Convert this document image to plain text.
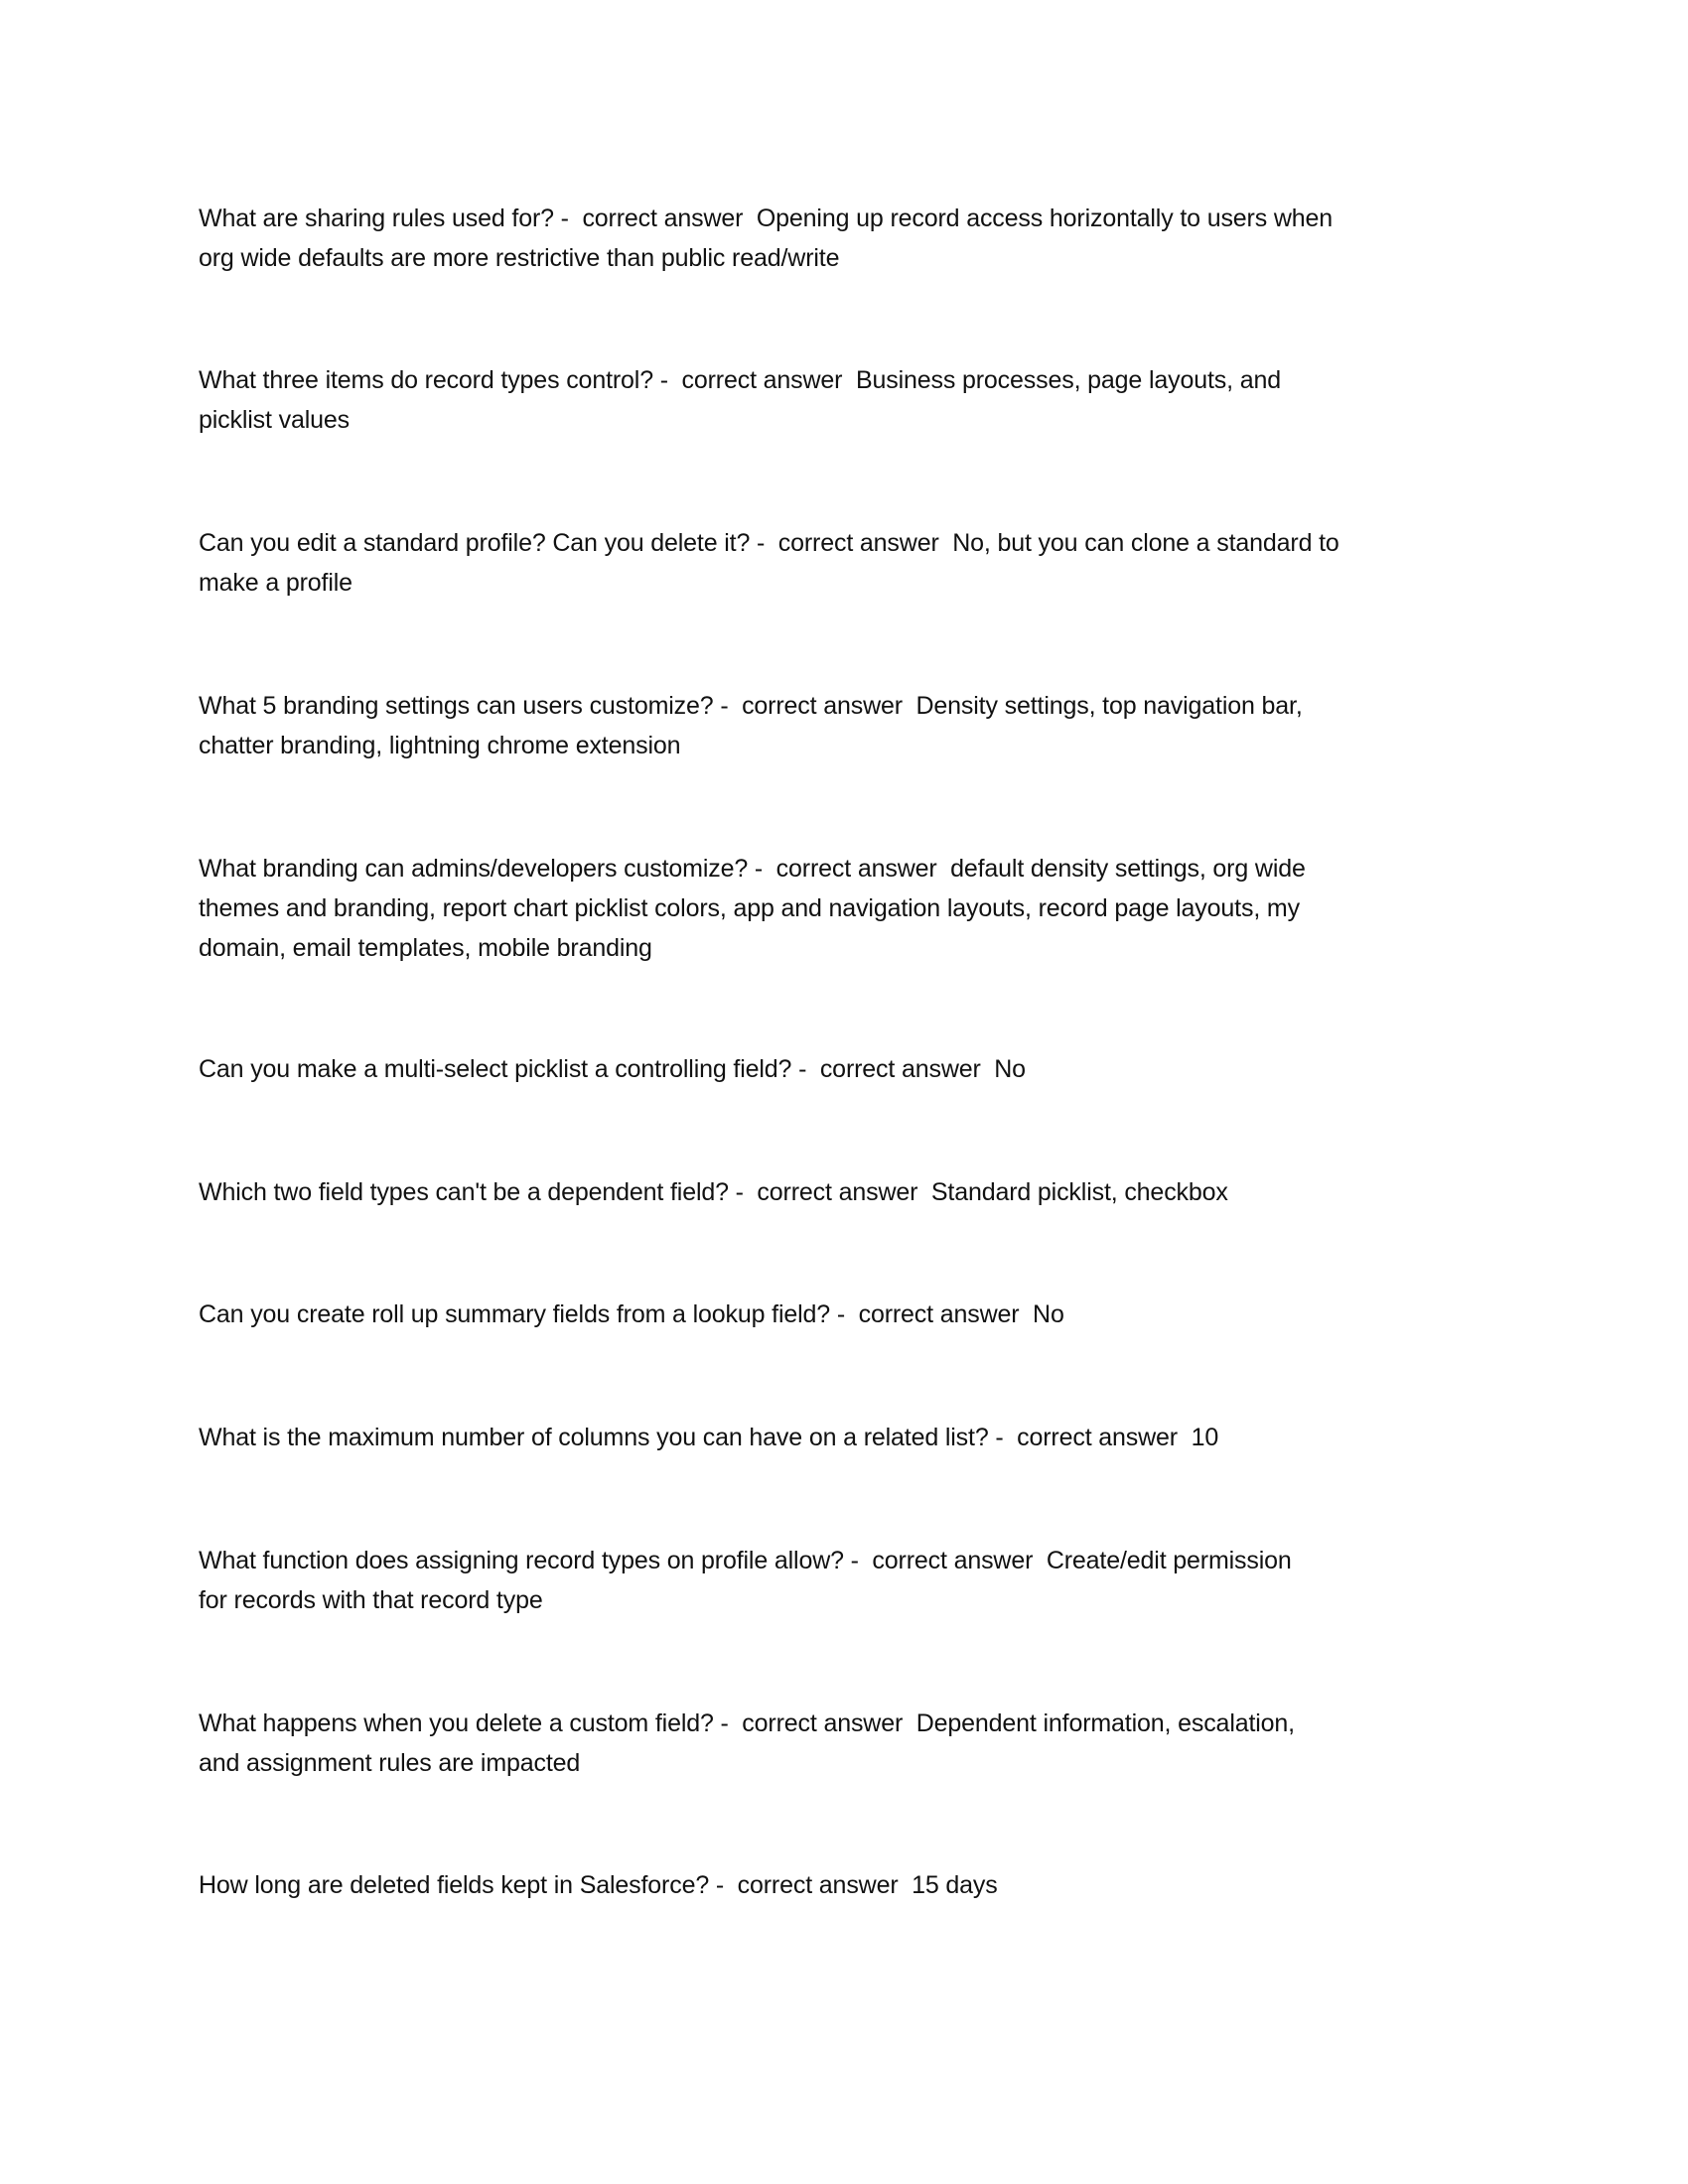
What are sharing rules used for? -  correct answer  Opening up record access horizontally to users when
org wide defaults are more restrictive than public read/write
What three items do record types control? -  correct answer  Business processes, page layouts, and
picklist values
Can you edit a standard profile? Can you delete it? -  correct answer  No, but you can clone a standard to
make a profile
What 5 branding settings can users customize? -  correct answer  Density settings, top navigation bar,
chatter branding, lightning chrome extension
What branding can admins/developers customize? -  correct answer  default density settings, org wide
themes and branding, report chart picklist colors, app and navigation layouts, record page layouts, my
domain, email templates, mobile branding
Can you make a multi-select picklist a controlling field? -  correct answer  No
Which two field types can't be a dependent field? -  correct answer  Standard picklist, checkbox
Can you create roll up summary fields from a lookup field? -  correct answer  No
What is the maximum number of columns you can have on a related list? -  correct answer  10
What function does assigning record types on profile allow? -  correct answer  Create/edit permission
for records with that record type
What happens when you delete a custom field? -  correct answer  Dependent information, escalation,
and assignment rules are impacted
How long are deleted fields kept in Salesforce? -  correct answer  15 days
